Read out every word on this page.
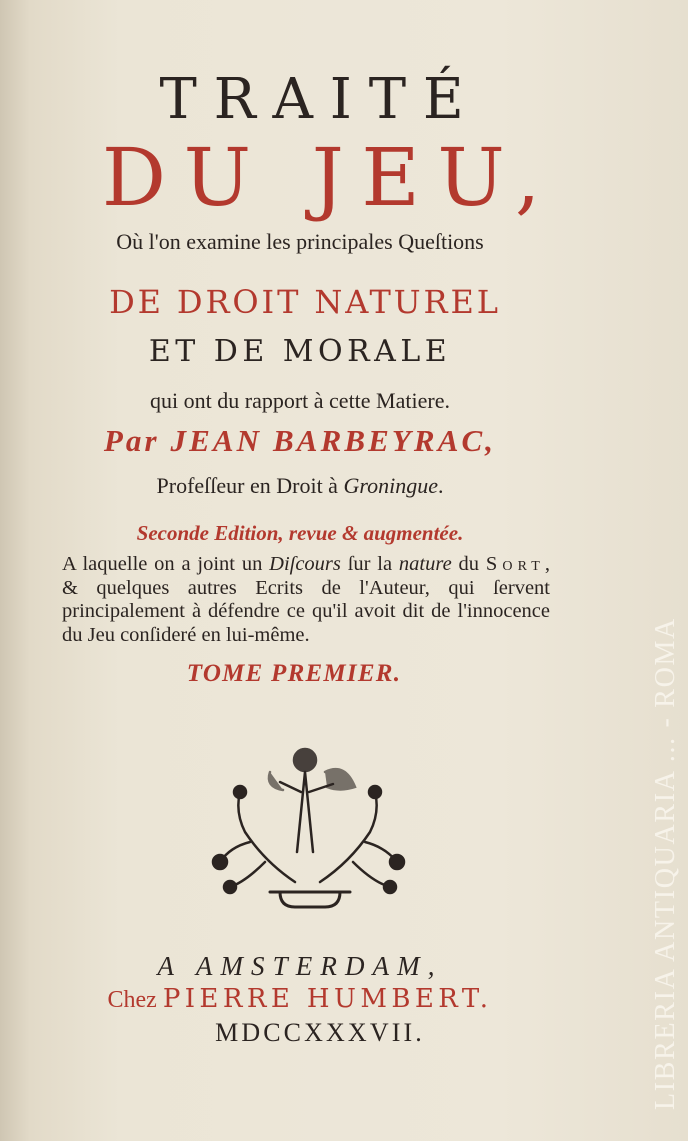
TRAITÉ
DU JEU,
Où l'on examine les principales Queſtions
DE DROIT NATUREL
ET DE MORALE
qui ont du rapport à cette Matiere.
Par JEAN BARBEYRAC,
Profeſſeur en Droit à Groningue.
Seconde Edition, revue & augmentée.
A laquelle on a joint un Diſcours ſur la nature du Sort, & quelques autres Ecrits de l'Auteur, qui ſervent principalement à défendre ce qu'il avoit dit de l'innocence du Jeu conſideré en lui-même.
TOME PREMIER.
A AMSTERDAM,
Chez PIERRE HUMBERT.
MDCCXXXVII.	LIBRERIA ANTIQUARIA ... - ROMA
